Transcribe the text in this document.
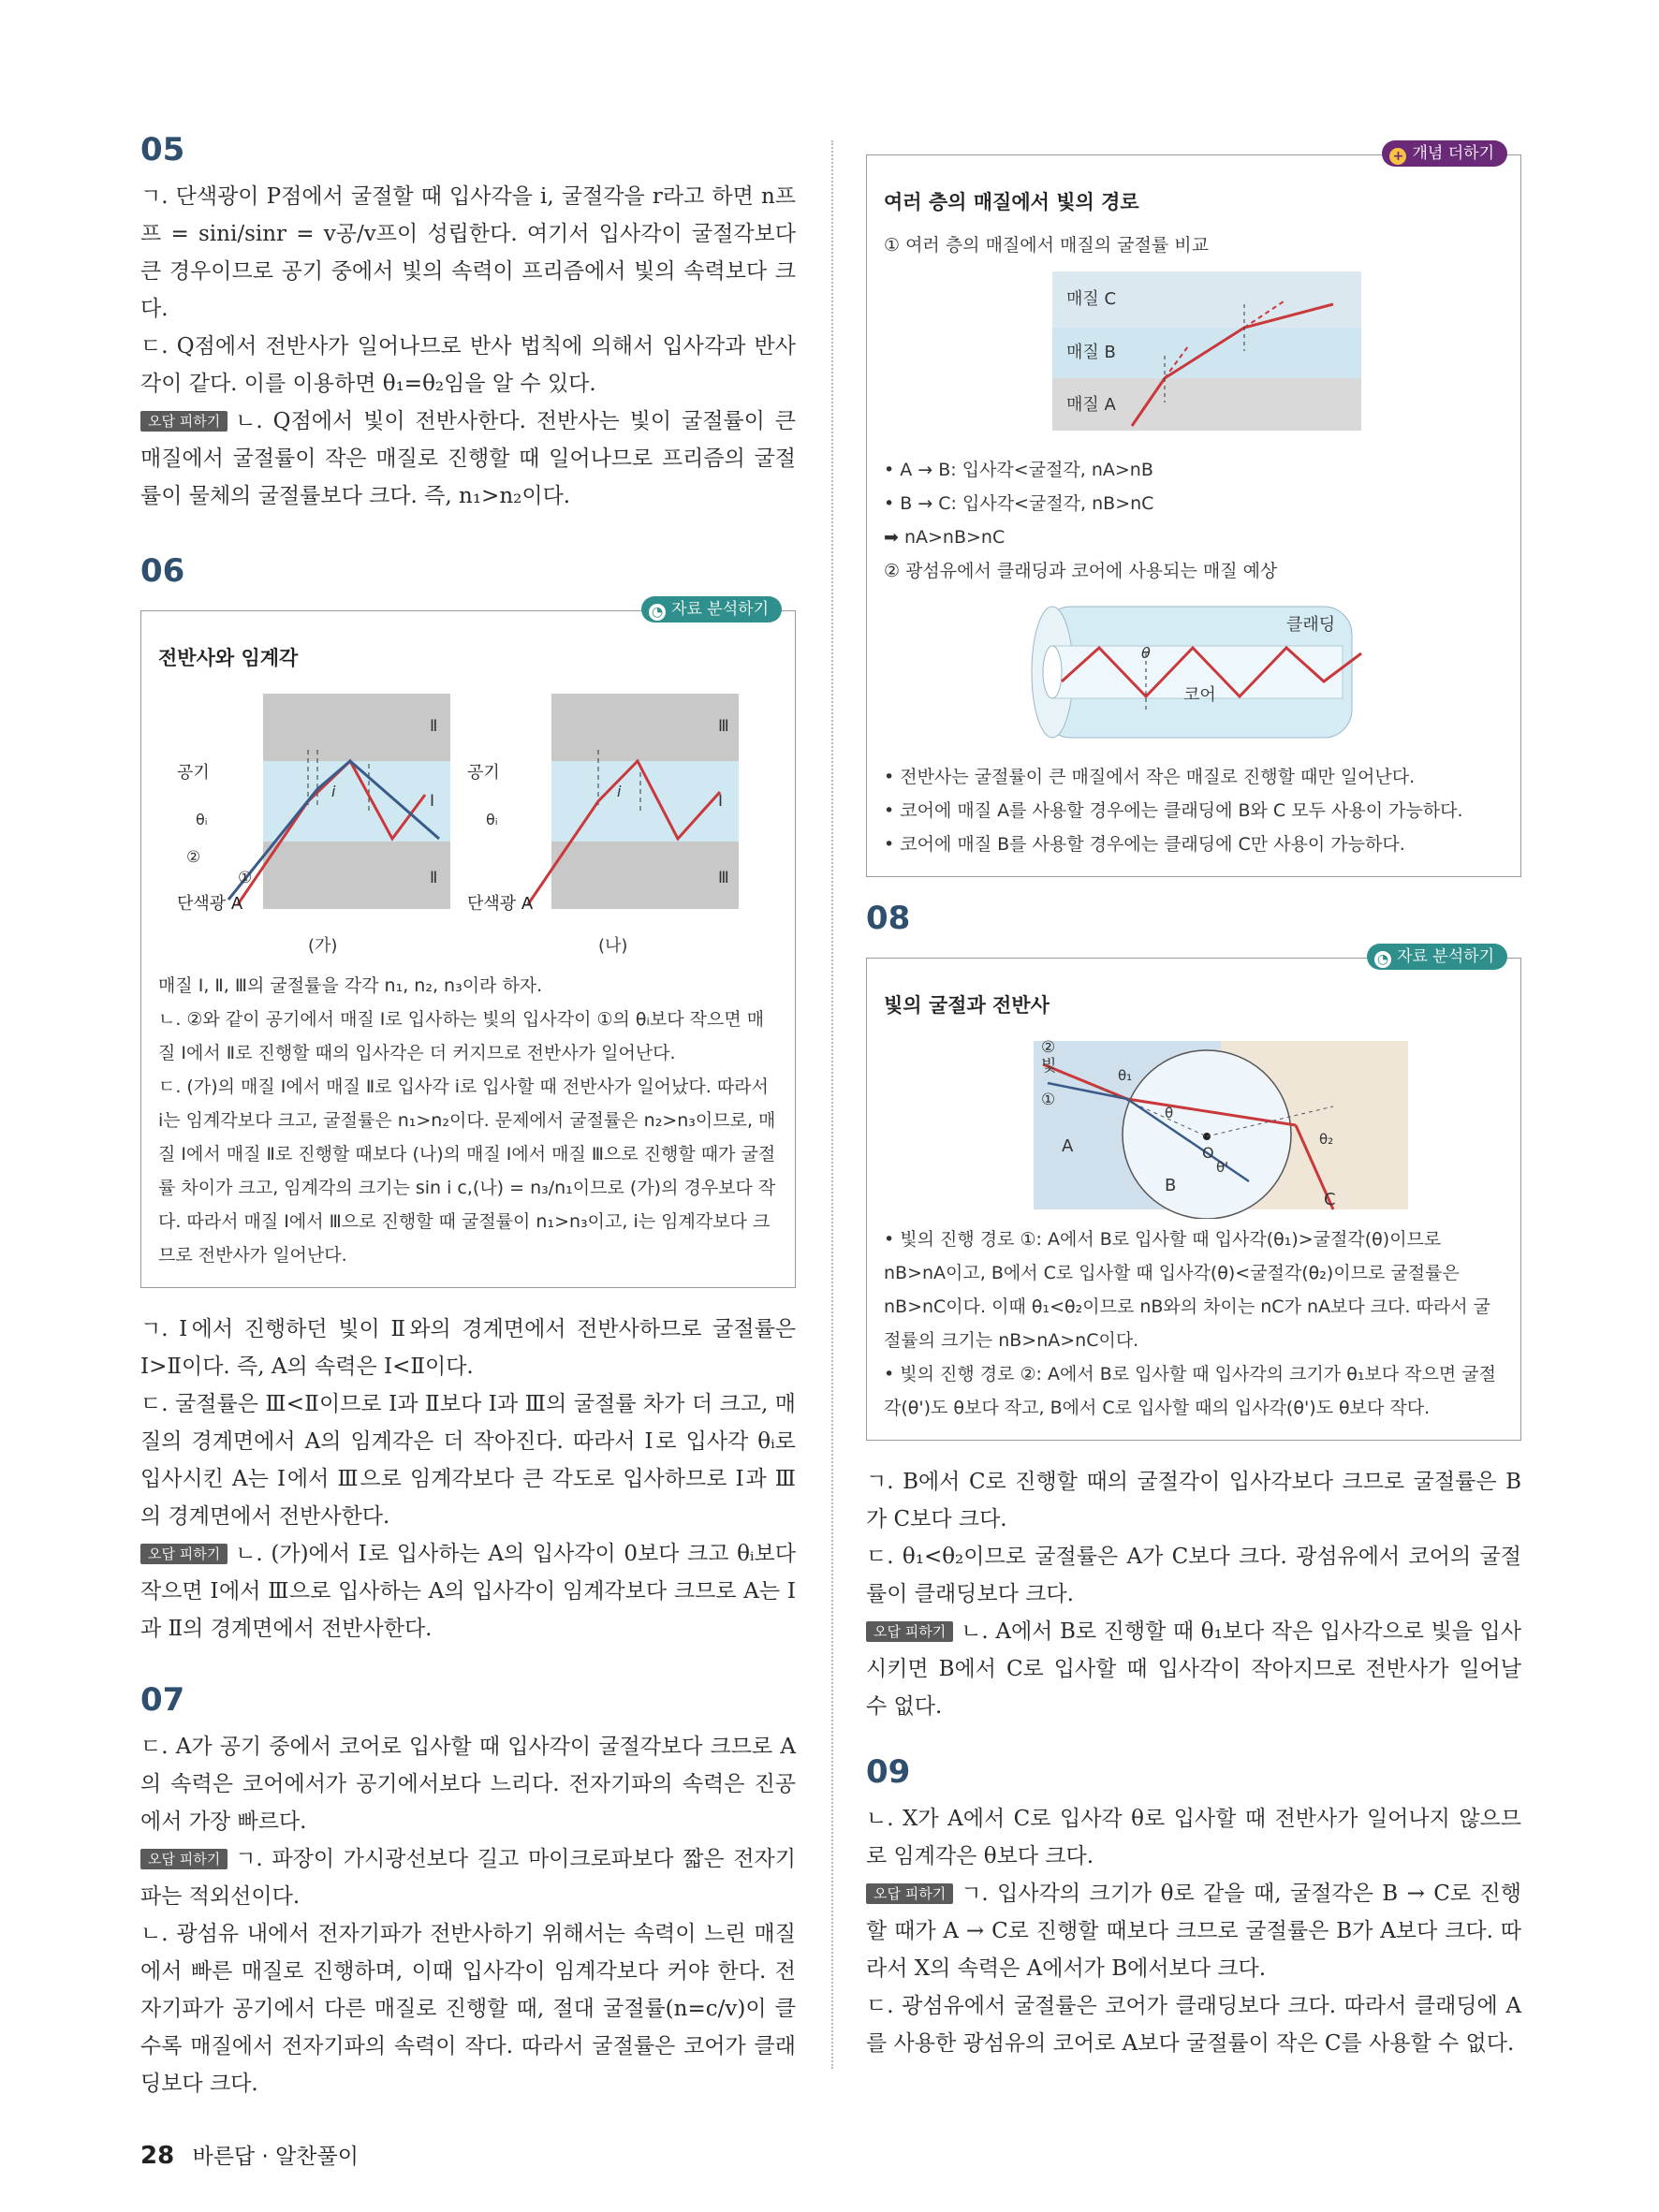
05

ㄱ. 단색광이 P점에서 굴절할 때 입사각을 i, 굴절각을 r라고 하면 n프프 = sini/sinr = v공/v프이 성립한다. 여기서 입사각이 굴절각보다 큰 경우이므로 공기 중에서 빛의 속력이 프리즘에서 빛의 속력보다 크다.

ㄷ. Q점에서 전반사가 일어나므로 반사 법칙에 의해서 입사각과 반사각이 같다. 이를 이용하면 θ₁=θ₂임을 알 수 있다.

오답 피하기 ㄴ. Q점에서 빛이 전반사한다. 전반사는 빛이 굴절률이 큰 매질에서 굴절률이 작은 매질로 진행할 때 일어나므로 프리즘의 굴절률이 물체의 굴절률보다 크다. 즉, n₁>n₂이다.

06
◔ 자료 분석하기
전반사와 임계각
Ⅱ
Ⅰ
Ⅱ
공기
i
θᵢ
②
①
단색광 A
(가)
Ⅲ
Ⅰ
Ⅲ
공기
i
θᵢ
단색광 A
(나)

매질 Ⅰ, Ⅱ, Ⅲ의 굴절률을 각각 n₁, n₂, n₃이라 하자.

ㄴ. ②와 같이 공기에서 매질 Ⅰ로 입사하는 빛의 입사각이 ①의 θᵢ보다 작으면 매질 Ⅰ에서 Ⅱ로 진행할 때의 입사각은 더 커지므로 전반사가 일어난다.

ㄷ. (가)의 매질 Ⅰ에서 매질 Ⅱ로 입사각 i로 입사할 때 전반사가 일어났다. 따라서 i는 임계각보다 크고, 굴절률은 n₁>n₂이다. 문제에서 굴절률은 n₂>n₃이므로, 매질 Ⅰ에서 매질 Ⅱ로 진행할 때보다 (나)의 매질 Ⅰ에서 매질 Ⅲ으로 진행할 때가 굴절률 차이가 크고, 임계각의 크기는 sin i c,(나) = n₃/n₁이므로 (가)의 경우보다 작다. 따라서 매질 Ⅰ에서 Ⅲ으로 진행할 때 굴절률이 n₁>n₃이고, i는 임계각보다 크므로 전반사가 일어난다.

ㄱ. Ⅰ에서 진행하던 빛이 Ⅱ와의 경계면에서 전반사하므로 굴절률은 Ⅰ>Ⅱ이다. 즉, A의 속력은 Ⅰ<Ⅱ이다.

ㄷ. 굴절률은 Ⅲ<Ⅱ이므로 Ⅰ과 Ⅱ보다 Ⅰ과 Ⅲ의 굴절률 차가 더 크고, 매질의 경계면에서 A의 임계각은 더 작아진다. 따라서 Ⅰ로 입사각 θᵢ로 입사시킨 A는 Ⅰ에서 Ⅲ으로 임계각보다 큰 각도로 입사하므로 Ⅰ과 Ⅲ의 경계면에서 전반사한다.

오답 피하기 ㄴ. (가)에서 Ⅰ로 입사하는 A의 입사각이 0보다 크고 θᵢ보다 작으면 Ⅰ에서 Ⅲ으로 입사하는 A의 입사각이 임계각보다 크므로 A는 Ⅰ과 Ⅱ의 경계면에서 전반사한다.

07

ㄷ. A가 공기 중에서 코어로 입사할 때 입사각이 굴절각보다 크므로 A의 속력은 코어에서가 공기에서보다 느리다. 전자기파의 속력은 진공에서 가장 빠르다.

오답 피하기 ㄱ. 파장이 가시광선보다 길고 마이크로파보다 짧은 전자기파는 적외선이다.

ㄴ. 광섬유 내에서 전자기파가 전반사하기 위해서는 속력이 느린 매질에서 빠른 매질로 진행하며, 이때 입사각이 임계각보다 커야 한다. 전자기파가 공기에서 다른 매질로 진행할 때, 절대 굴절률(n=c/v)이 클수록 매질에서 전자기파의 속력이 작다. 따라서 굴절률은 코어가 클래딩보다 크다.

+ 개념 더하기
여러 층의 매질에서 빛의 경로

① 여러 층의 매질에서 매질의 굴절률 비교

매질 C
매질 B
매질 A

• A → B: 입사각<굴절각, nA>nB

• B → C: 입사각<굴절각, nB>nC

➡ nA>nB>nC

② 광섬유에서 클래딩과 코어에 사용되는 매질 예상

클래딩
코어
θ

• 전반사는 굴절률이 큰 매질에서 작은 매질로 진행할 때만 일어난다.

• 코어에 매질 A를 사용할 경우에는 클래딩에 B와 C 모두 사용이 가능하다.

• 코어에 매질 B를 사용할 경우에는 클래딩에 C만 사용이 가능하다.

08
◔ 자료 분석하기
빛의 굴절과 전반사
②
빛
①
A
B
C
O
θ₁
θ
θ₂
θ'

• 빛의 진행 경로 ①: A에서 B로 입사할 때 입사각(θ₁)>굴절각(θ)이므로 nB>nA이고, B에서 C로 입사할 때 입사각(θ)<굴절각(θ₂)이므로 굴절률은 nB>nC이다. 이때 θ₁<θ₂이므로 nB와의 차이는 nC가 nA보다 크다. 따라서 굴절률의 크기는 nB>nA>nC이다.

• 빛의 진행 경로 ②: A에서 B로 입사할 때 입사각의 크기가 θ₁보다 작으면 굴절각(θ')도 θ보다 작고, B에서 C로 입사할 때의 입사각(θ')도 θ보다 작다.

ㄱ. B에서 C로 진행할 때의 굴절각이 입사각보다 크므로 굴절률은 B가 C보다 크다.

ㄷ. θ₁<θ₂이므로 굴절률은 A가 C보다 크다. 광섬유에서 코어의 굴절률이 클래딩보다 크다.

오답 피하기 ㄴ. A에서 B로 진행할 때 θ₁보다 작은 입사각으로 빛을 입사시키면 B에서 C로 입사할 때 입사각이 작아지므로 전반사가 일어날 수 없다.

09

ㄴ. X가 A에서 C로 입사각 θ로 입사할 때 전반사가 일어나지 않으므로 임계각은 θ보다 크다.

오답 피하기 ㄱ. 입사각의 크기가 θ로 같을 때, 굴절각은 B → C로 진행할 때가 A → C로 진행할 때보다 크므로 굴절률은 B가 A보다 크다. 따라서 X의 속력은 A에서가 B에서보다 크다.

ㄷ. 광섬유에서 굴절률은 코어가 클래딩보다 크다. 따라서 클래딩에 A를 사용한 광섬유의 코어로 A보다 굴절률이 작은 C를 사용할 수 없다.

28 바른답 · 알찬풀이
